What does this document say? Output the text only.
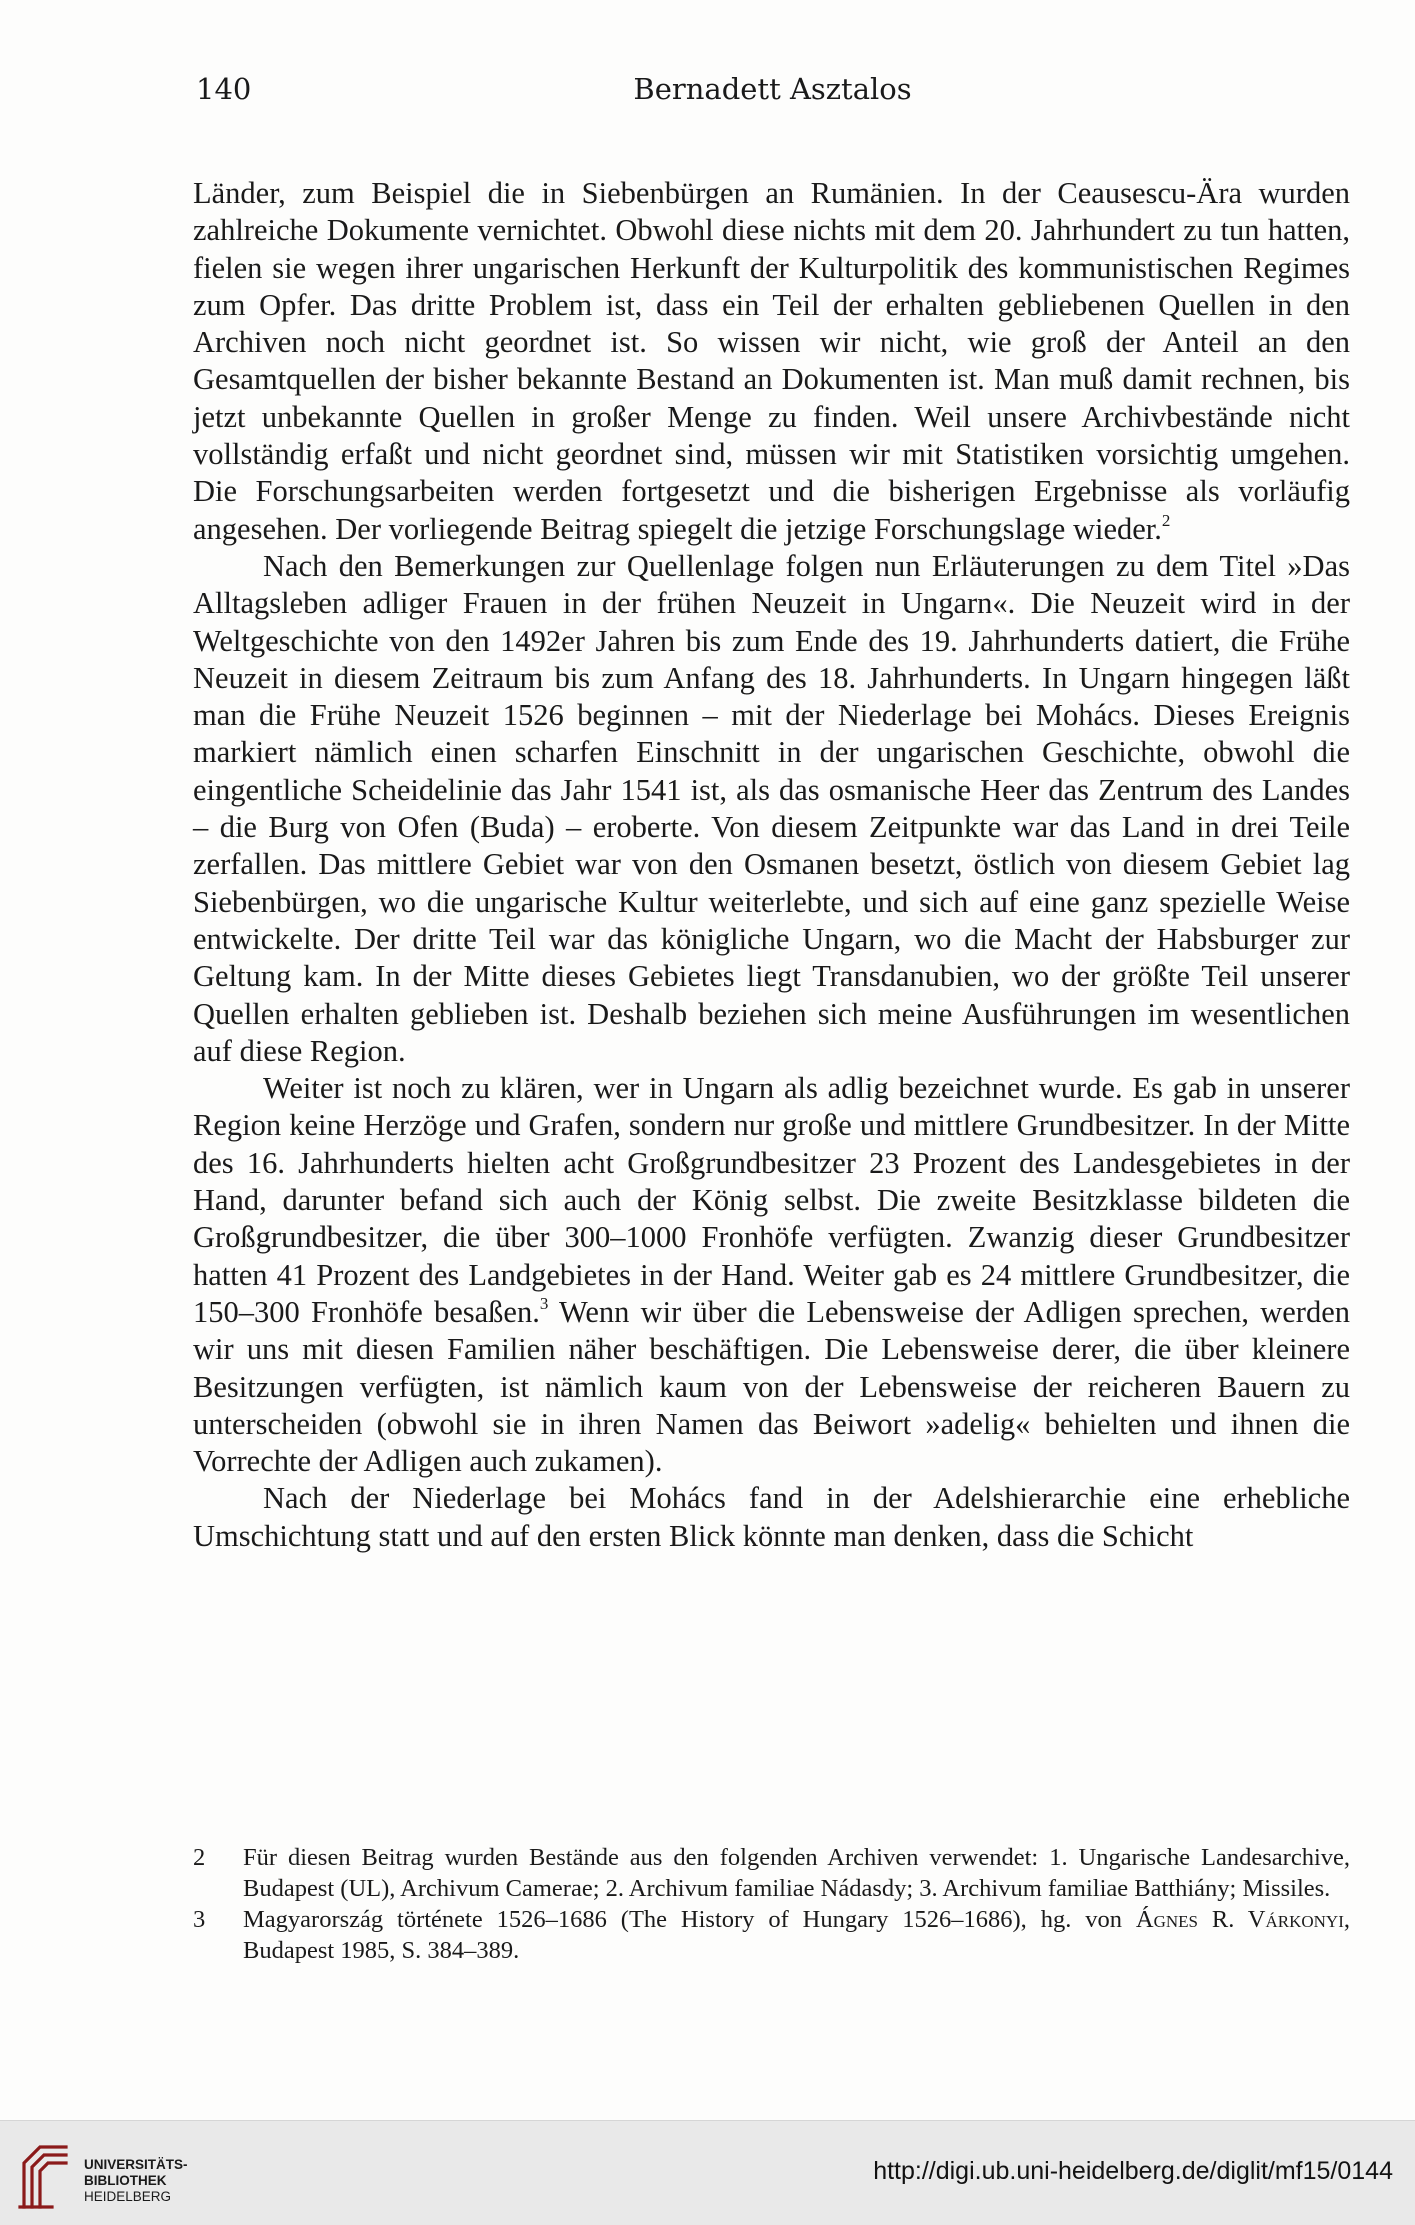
140	Bernadett Asztalos

Länder, zum Beispiel die in Siebenbürgen an Rumänien. In der Ceausescu-Ära wurden zahlreiche Dokumente vernichtet. Obwohl diese nichts mit dem 20. Jahrhundert zu tun hatten, fielen sie wegen ihrer ungarischen Herkunft der Kulturpolitik des kommunistischen Regimes zum Opfer. Das dritte Problem ist, dass ein Teil der erhalten gebliebenen Quellen in den Archiven noch nicht geordnet ist. So wissen wir nicht, wie groß der Anteil an den Gesamtquellen der bisher bekannte Bestand an Dokumenten ist. Man muß damit rechnen, bis jetzt unbekannte Quellen in großer Menge zu finden. Weil unsere Archivbestände nicht vollständig erfaßt und nicht geordnet sind, müssen wir mit Statistiken vorsichtig umgehen. Die Forschungsarbeiten werden fortgesetzt und die bisherigen Ergebnisse als vorläufig angesehen. Der vorliegende Beitrag spiegelt die jetzige Forschungslage wieder.$^2$

Nach den Bemerkungen zur Quellenlage folgen nun Erläuterungen zu dem Titel »Das Alltagsleben adliger Frauen in der frühen Neuzeit in Ungarn«. Die Neuzeit wird in der Weltgeschichte von den 1492er Jahren bis zum Ende des 19. Jahrhunderts datiert, die Frühe Neuzeit in diesem Zeitraum bis zum Anfang des 18. Jahrhunderts. In Ungarn hingegen läßt man die Frühe Neuzeit 1526 beginnen – mit der Niederlage bei Mohács. Dieses Ereignis markiert nämlich einen scharfen Einschnitt in der ungarischen Geschichte, obwohl die eingentliche Scheidelinie das Jahr 1541 ist, als das osmanische Heer das Zentrum des Landes – die Burg von Ofen (Buda) – eroberte. Von diesem Zeitpunkte war das Land in drei Teile zerfallen. Das mittlere Gebiet war von den Osmanen besetzt, östlich von diesem Gebiet lag Siebenbürgen, wo die ungarische Kultur weiterlebte, und sich auf eine ganz spezielle Weise entwickelte. Der dritte Teil war das königliche Ungarn, wo die Macht der Habsburger zur Geltung kam. In der Mitte dieses Gebietes liegt Transdanubien, wo der größte Teil unserer Quellen erhalten geblieben ist. Deshalb beziehen sich meine Ausführungen im wesentlichen auf diese Region.

Weiter ist noch zu klären, wer in Ungarn als adlig bezeichnet wurde. Es gab in unserer Region keine Herzöge und Grafen, sondern nur große und mittlere Grundbesitzer. In der Mitte des 16. Jahrhunderts hielten acht Großgrundbesitzer 23 Prozent des Landesgebietes in der Hand, darunter befand sich auch der König selbst. Die zweite Besitzklasse bildeten die Großgrundbesitzer, die über 300–1000 Fronhöfe verfügten. Zwanzig dieser Grundbesitzer hatten 41 Prozent des Landgebietes in der Hand. Weiter gab es 24 mittlere Grundbesitzer, die 150–300 Fronhöfe besaßen.$^3$ Wenn wir über die Lebensweise der Adligen sprechen, werden wir uns mit diesen Familien näher beschäftigen. Die Lebensweise derer, die über kleinere Besitzungen verfügten, ist nämlich kaum von der Lebensweise der reicheren Bauern zu unterscheiden (obwohl sie in ihren Namen das Beiwort »adelig« behielten und ihnen die Vorrechte der Adligen auch zukamen).

Nach der Niederlage bei Mohács fand in der Adelshierarchie eine erhebliche Umschichtung statt und auf den ersten Blick könnte man denken, dass die Schicht

2	Für diesen Beitrag wurden Bestände aus den folgenden Archiven verwendet: 1. Ungarische Landesarchive, Budapest (UL), Archivum Camerae; 2. Archivum familiae Nádasdy; 3. Archivum familiae Batthiány; Missiles.
3	Magyarország története 1526–1686 (The History of Hungary 1526–1686), hg. von Ágnes R. Várkonyi, Budapest 1985, S. 384–389.
UNIVERSITÄTS-
BIBLIOTHEK
HEIDELBERG
http://digi.ub.uni-heidelberg.de/diglit/mf15/0144
